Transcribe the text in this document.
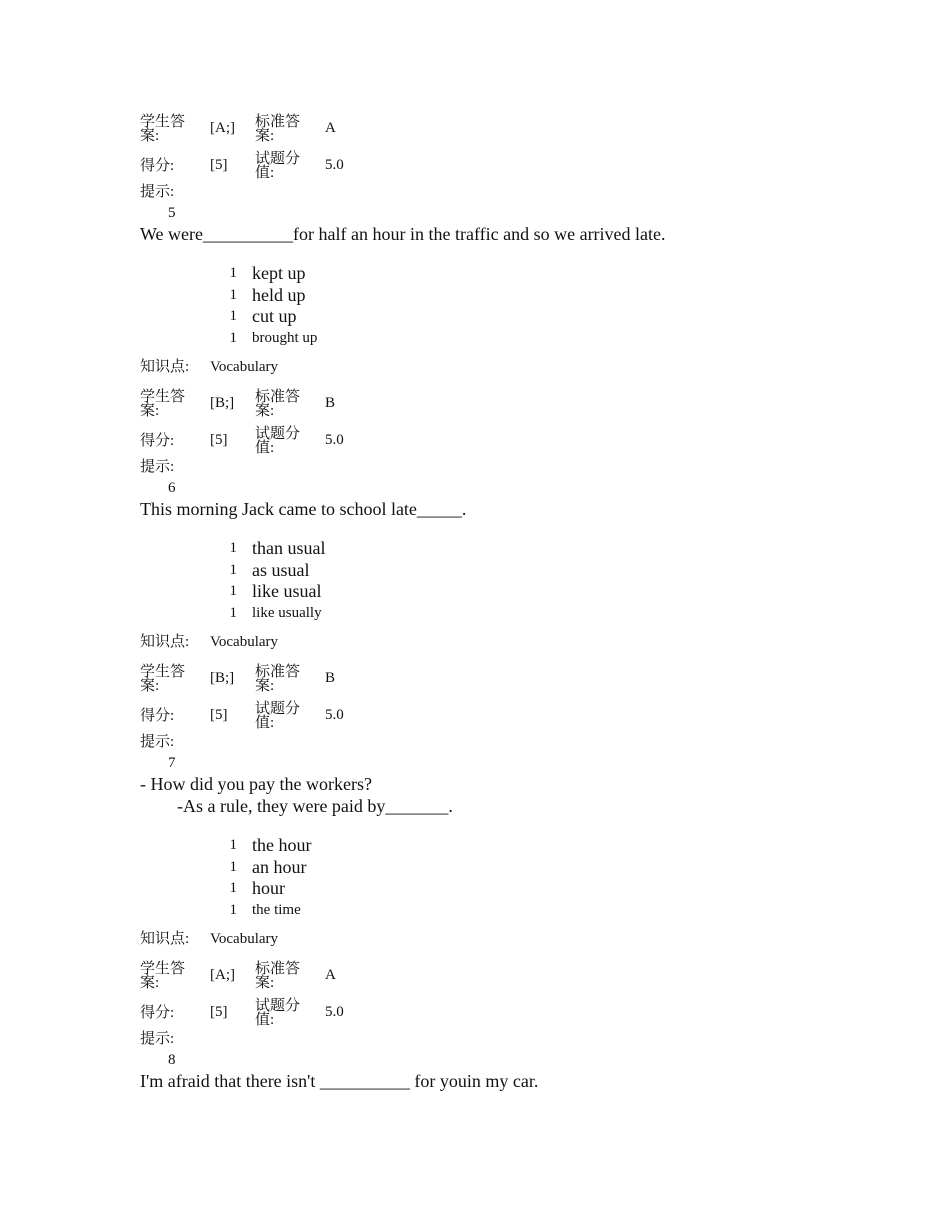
学生答案:	[A;]	标准答案:	A
得分:	[5]	试题分值:	5.0
提示:
5
We were__________for half an hour in the traffic and so we arrived late.
1 kept up
1 held up
1 cut up
1	brought up
知识点: Vocabulary
学生答案:	[B;]	标准答案:	B
得分:	[5]	试题分值:	5.0
提示:
6
This morning Jack came to school late_____.
1 than usual
1 as usual
1 like usual
1	like usually
知识点: Vocabulary
学生答案:	[B;]	标准答案:	B
得分:	[5]	试题分值:	5.0
提示:
7
- How did you pay the workers?
-As a rule, they were paid by_______.
1 the hour
1 an hour
1 hour
1	the time
知识点: Vocabulary
学生答案:	[A;]	标准答案:	A
得分:	[5]	试题分值:	5.0
提示:
8
I'm afraid that there isn't __________ for youin my car.
